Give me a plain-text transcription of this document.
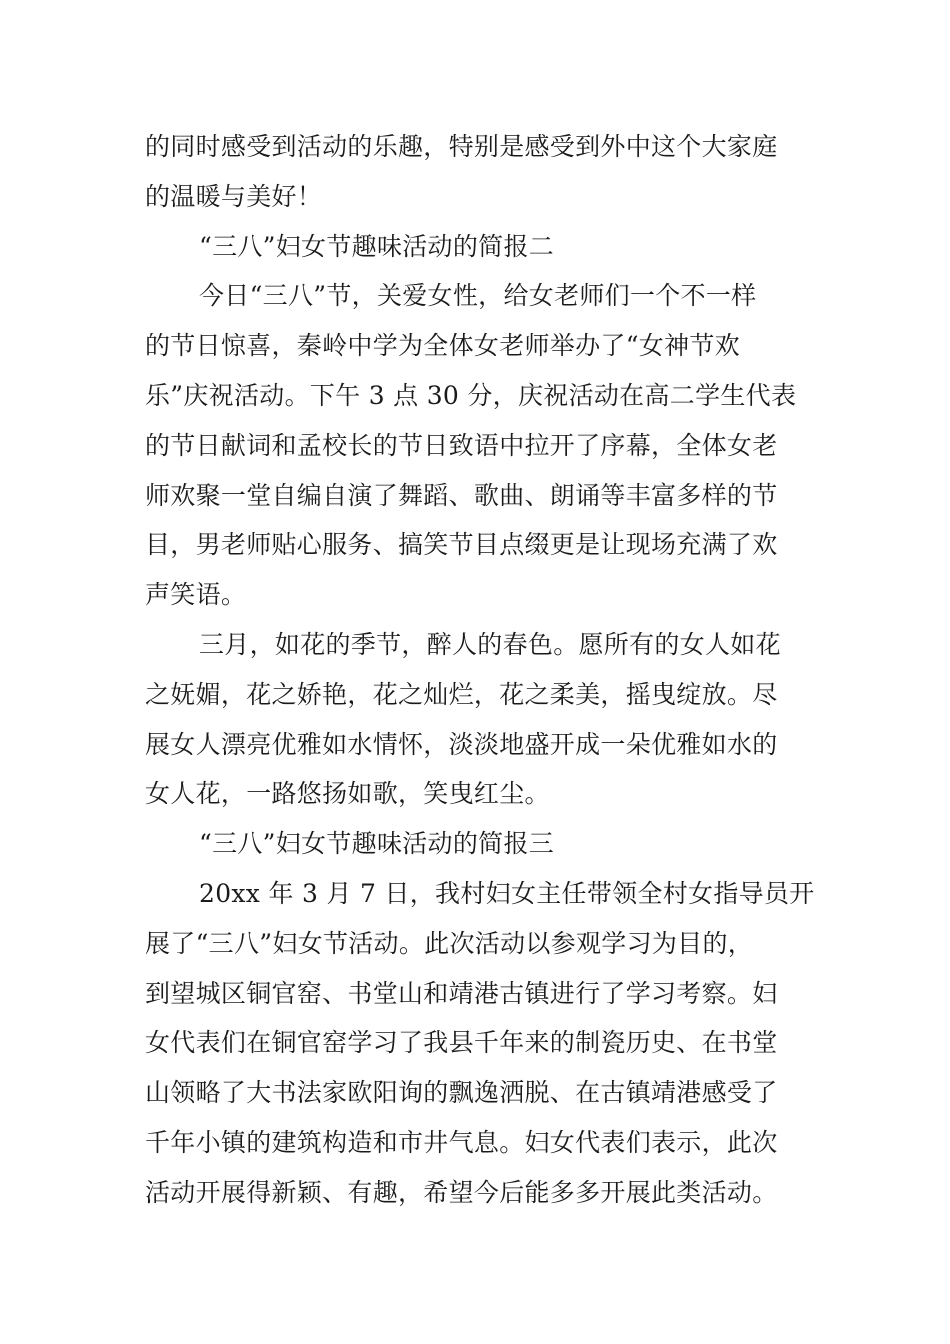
的同时感受到活动的乐趣，特别是感受到外中这个大家庭
的温暖与美好！
“三八”妇女节趣味活动的简报二
今日“三八”节，关爱女性，给女老师们一个不一样
的节日惊喜，秦岭中学为全体女老师举办了“女神节欢
乐”庆祝活动。下午 3 点 30 分，庆祝活动在高二学生代表
的节日献词和孟校长的节日致语中拉开了序幕，全体女老
师欢聚一堂自编自演了舞蹈、歌曲、朗诵等丰富多样的节
目，男老师贴心服务、搞笑节目点缀更是让现场充满了欢
声笑语。
三月，如花的季节，醉人的春色。愿所有的女人如花
之妩媚，花之娇艳，花之灿烂，花之柔美，摇曳绽放。尽
展女人漂亮优雅如水情怀，淡淡地盛开成一朵优雅如水的
女人花，一路悠扬如歌，笑曳红尘。
“三八”妇女节趣味活动的简报三
20xx 年 3 月 7 日，我村妇女主任带领全村女指导员开
展了“三八”妇女节活动。此次活动以参观学习为目的，
到望城区铜官窑、书堂山和靖港古镇进行了学习考察。妇
女代表们在铜官窑学习了我县千年来的制瓷历史、在书堂
山领略了大书法家欧阳询的飘逸洒脱、在古镇靖港感受了
千年小镇的建筑构造和市井气息。妇女代表们表示，此次
活动开展得新颖、有趣，希望今后能多多开展此类活动。
